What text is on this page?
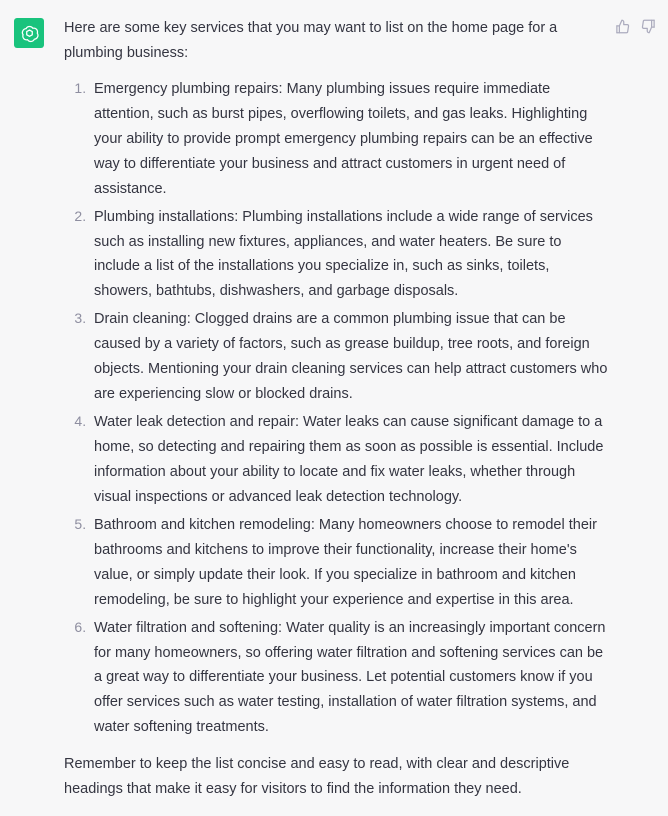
Here are some key services that you may want to list on the home page for a plumbing business:

1. Emergency plumbing repairs: Many plumbing issues require immediate attention, such as burst pipes, overflowing toilets, and gas leaks. Highlighting your ability to provide prompt emergency plumbing repairs can be an effective way to differentiate your business and attract customers in urgent need of assistance.
2. Plumbing installations: Plumbing installations include a wide range of services such as installing new fixtures, appliances, and water heaters. Be sure to include a list of the installations you specialize in, such as sinks, toilets, showers, bathtubs, dishwashers, and garbage disposals.
3. Drain cleaning: Clogged drains are a common plumbing issue that can be caused by a variety of factors, such as grease buildup, tree roots, and foreign objects. Mentioning your drain cleaning services can help attract customers who are experiencing slow or blocked drains.
4. Water leak detection and repair: Water leaks can cause significant damage to a home, so detecting and repairing them as soon as possible is essential. Include information about your ability to locate and fix water leaks, whether through visual inspections or advanced leak detection technology.
5. Bathroom and kitchen remodeling: Many homeowners choose to remodel their bathrooms and kitchens to improve their functionality, increase their home's value, or simply update their look. If you specialize in bathroom and kitchen remodeling, be sure to highlight your experience and expertise in this area.
6. Water filtration and softening: Water quality is an increasingly important concern for many homeowners, so offering water filtration and softening services can be a great way to differentiate your business. Let potential customers know if you offer services such as water testing, installation of water filtration systems, and water softening treatments.

Remember to keep the list concise and easy to read, with clear and descriptive headings that make it easy for visitors to find the information they need.
